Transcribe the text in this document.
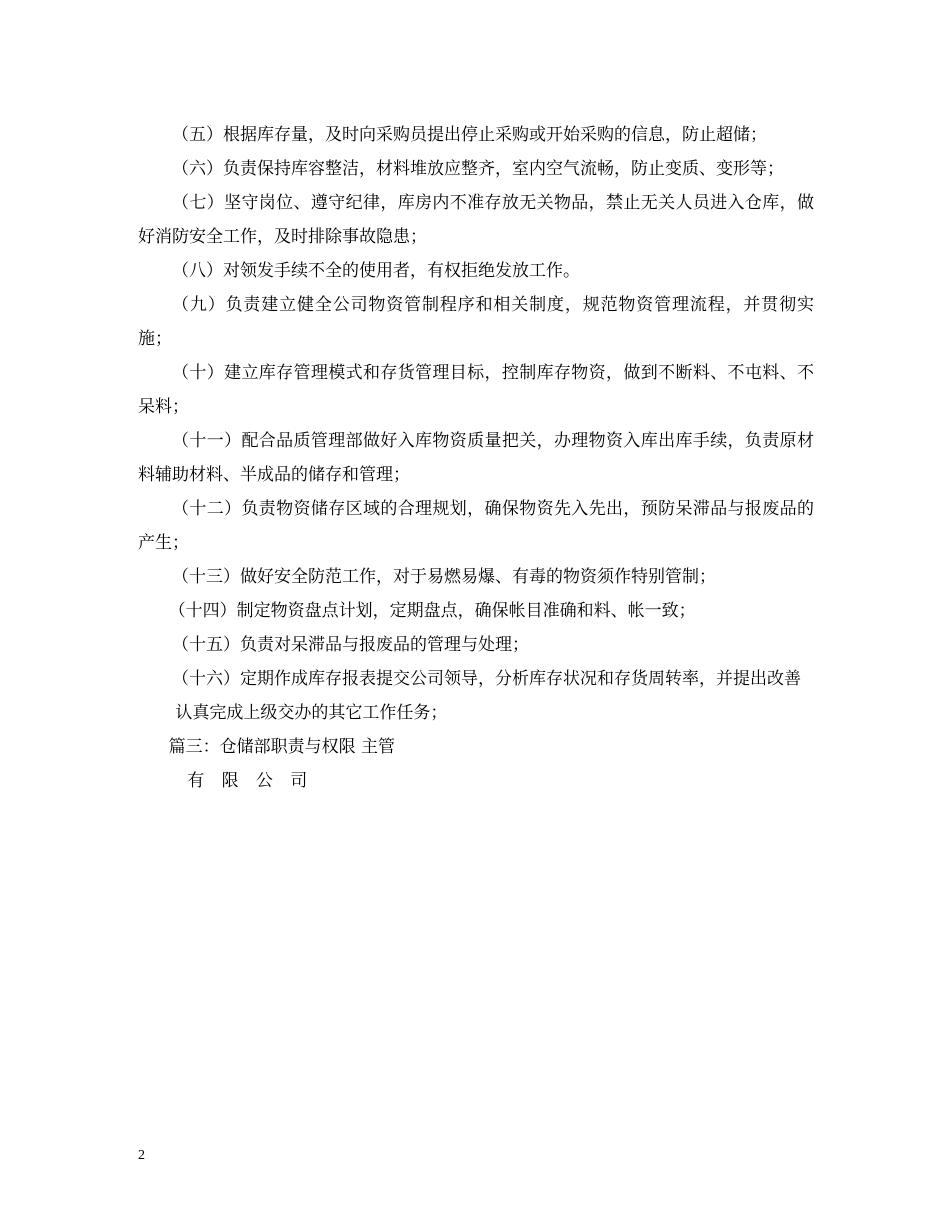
（五）根据库存量，及时向采购员提出停止采购或开始采购的信息，防止超储；

（六）负责保持库容整洁，材料堆放应整齐，室内空气流畅，防止变质、变形等；

（七）坚守岗位、遵守纪律，库房内不准存放无关物品，禁止无关人员进入仓库，做好消防安全工作，及时排除事故隐患；

（八）对领发手续不全的使用者，有权拒绝发放工作。

（九）负责建立健全公司物资管制程序和相关制度，规范物资管理流程，并贯彻实施；

（十）建立库存管理模式和存货管理目标，控制库存物资，做到不断料、不屯料、不呆料；

（十一）配合品质管理部做好入库物资质量把关，办理物资入库出库手续，负责原材料辅助材料、半成品的储存和管理；

（十二）负责物资储存区域的合理规划，确保物资先入先出，预防呆滞品与报废品的产生；

（十三）做好安全防范工作，对于易燃易爆、有毒的物资须作特别管制；

（十四）制定物资盘点计划，定期盘点，确保帐目准确和料、帐一致；

（十五）负责对呆滞品与报废品的管理与处理；

（十六）定期作成库存报表提交公司领导，分析库存状况和存货周转率，并提出改善

认真完成上级交办的其它工作任务；

篇三：仓储部职责与权限 主管

有 限 公 司

2
